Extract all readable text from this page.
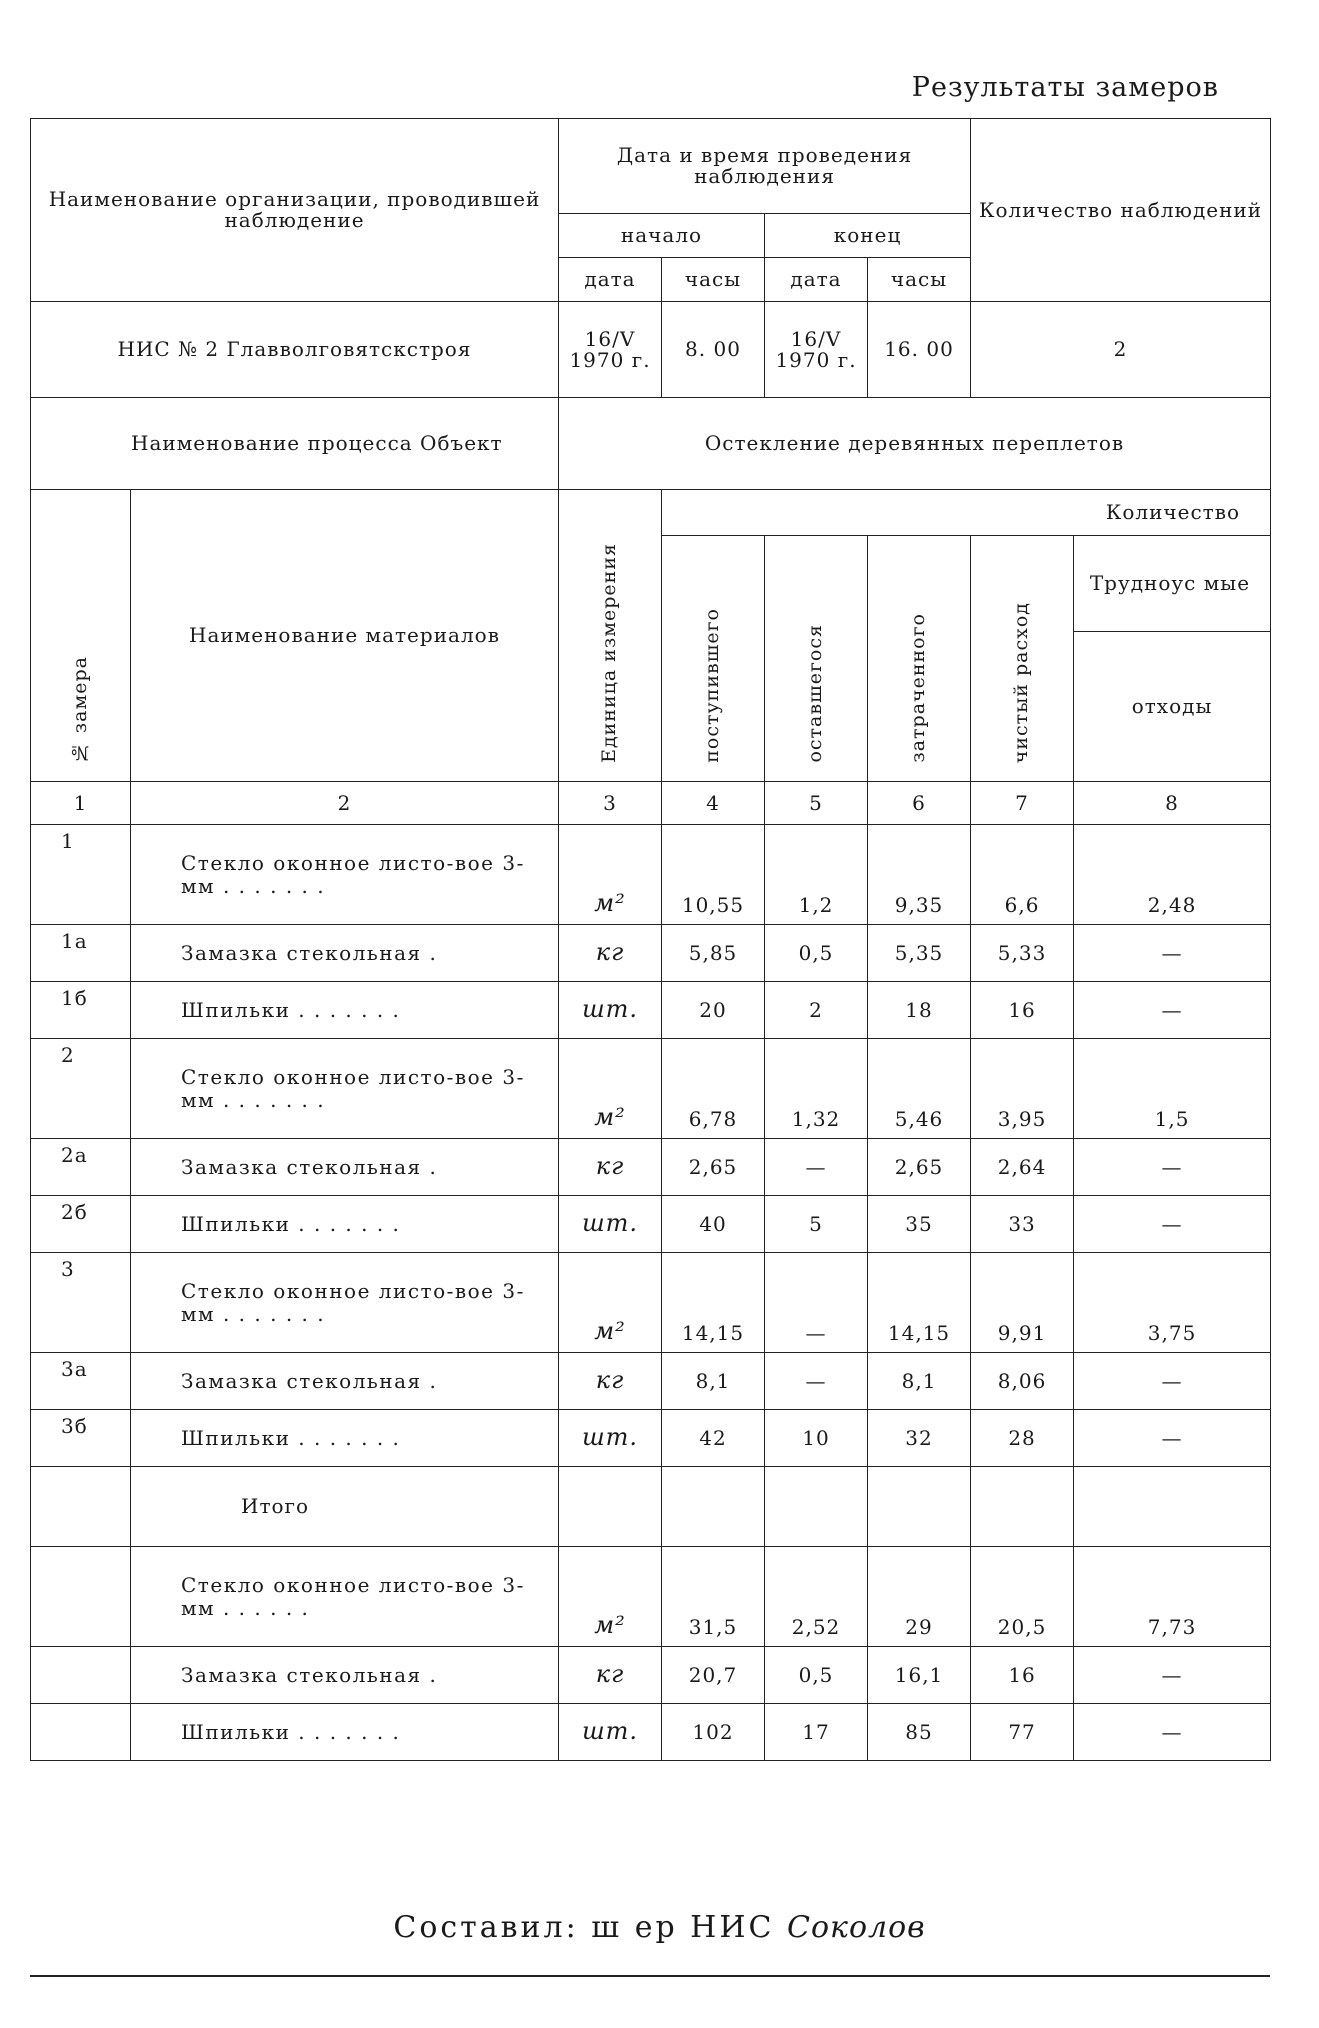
Результаты замеров
Наименование организации, проводившей наблюдение		Дата и время проведения наблюдения				Количество наблюдений	
		начало		конец			
		дата	часы	дата	часы		
НИС № 2 Главволговятскстроя		16/V 1970 г.	8. 00	16/V 1970 г.	16. 00	2	
Наименование процесса Объект		Остекление деревянных переплетов					
№ замера	Наименование материалов	Единица измерения	Количество				
			поступившего	оставшегося	затраченного	чистый расход	Трудноус мые
							отходы
1	2	3	4	5	6	7	8
1	Стекло оконное листо-вое 3-мм . . . . . . .	м²	10,55	1,2	9,35	6,6	2,48
1а	Замазка стекольная .	кг	5,85	0,5	5,35	5,33	—
1б	Шпильки . . . . . . .	шт.	20	2	18	16	—
2	Стекло оконное листо-вое 3-мм . . . . . . .	м²	6,78	1,32	5,46	3,95	1,5
2а	Замазка стекольная .	кг	2,65	—	2,65	2,64	—
2б	Шпильки . . . . . . .	шт.	40	5	35	33	—
3	Стекло оконное листо-вое 3-мм . . . . . . .	м²	14,15	—	14,15	9,91	3,75
3а	Замазка стекольная .	кг	8,1	—	8,1	8,06	—
3б	Шпильки . . . . . . .	шт.	42	10	32	28	—
	Итого						
	Стекло оконное листо-вое 3-мм . . . . . .	м²	31,5	2,52	29	20,5	7,73
	Замазка стекольная .	кг	20,7	0,5	16,1	16	—
	Шпильки . . . . . . .	шт.	102	17	85	77	—
Составил: ш ер НИС Соколов
